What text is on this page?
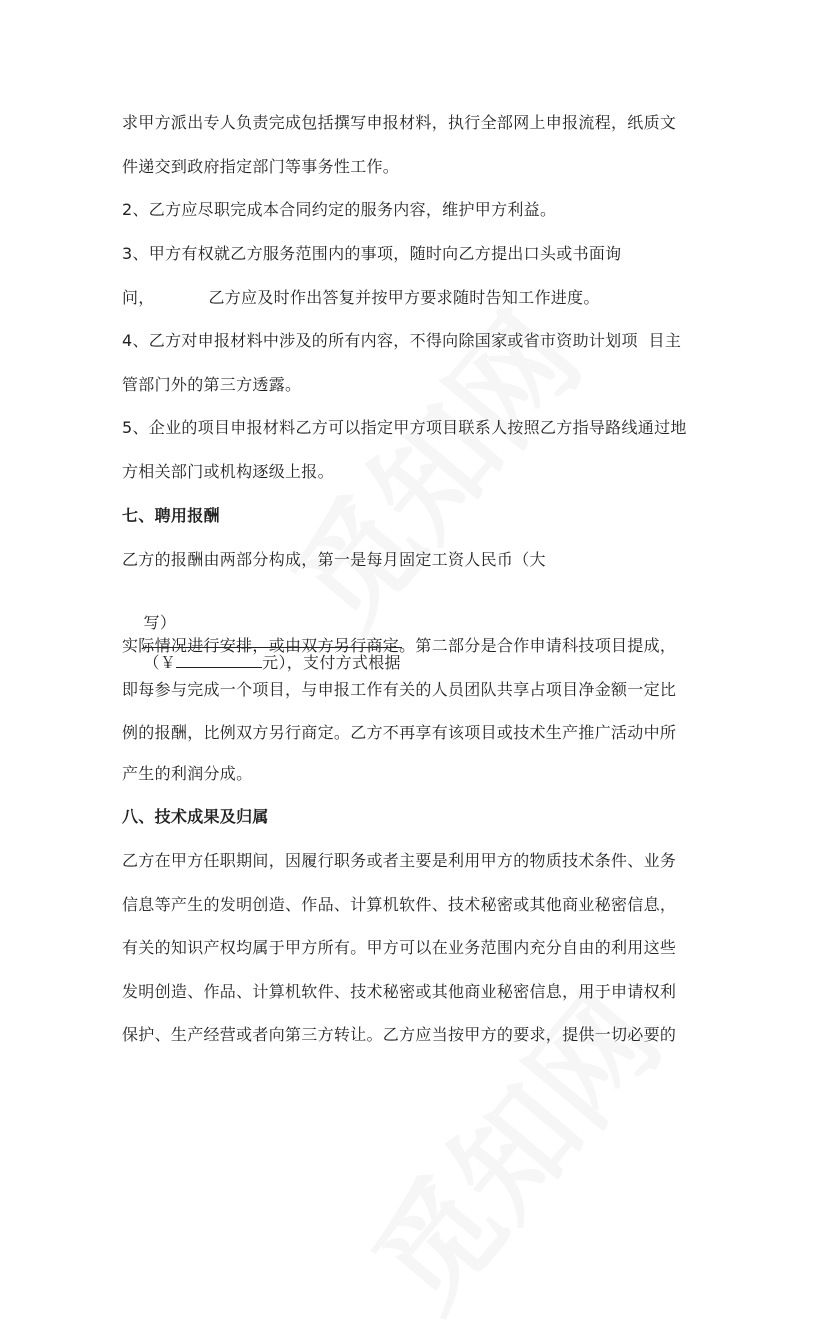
求甲方派出专人负责完成包括撰写申报材料，执行全部网上申报流程，纸质文
件递交到政府指定部门等事务性工作。
2、乙方应尽职完成本合同约定的服务内容，维护甲方利益。
3、甲方有权就乙方服务范围内的事项，随时向乙方提出口头或书面询
问，          乙方应及时作出答复并按甲方要求随时告知工作进度。
4、乙方对申报材料中涉及的所有内容，不得向除国家或省市资助计划项  目主
管部门外的第三方透露。
5、企业的项目申报材料乙方可以指定甲方项目联系人按照乙方指导路线通过地
方相关部门或机构逐级上报。
七、聘用报酬
乙方的报酬由两部分构成，第一是每月固定工资人民币（大

写）

（￥	元），支付方式根据

实际情况进行安排，或由双方另行商定。第二部分是合作申请科技项目提成，
即每参与完成一个项目，与申报工作有关的人员团队共享占项目净金额一定比
例的报酬，比例双方另行商定。乙方不再享有该项目或技术生产推广活动中所
产生的利润分成。
八、技术成果及归属
乙方在甲方任职期间，因履行职务或者主要是利用甲方的物质技术条件、业务
信息等产生的发明创造、作品、计算机软件、技术秘密或其他商业秘密信息，
有关的知识产权均属于甲方所有。甲方可以在业务范围内充分自由的利用这些
发明创造、作品、计算机软件、技术秘密或其他商业秘密信息，用于申请权利
保护、生产经营或者向第三方转让。乙方应当按甲方的要求，提供一切必要的
